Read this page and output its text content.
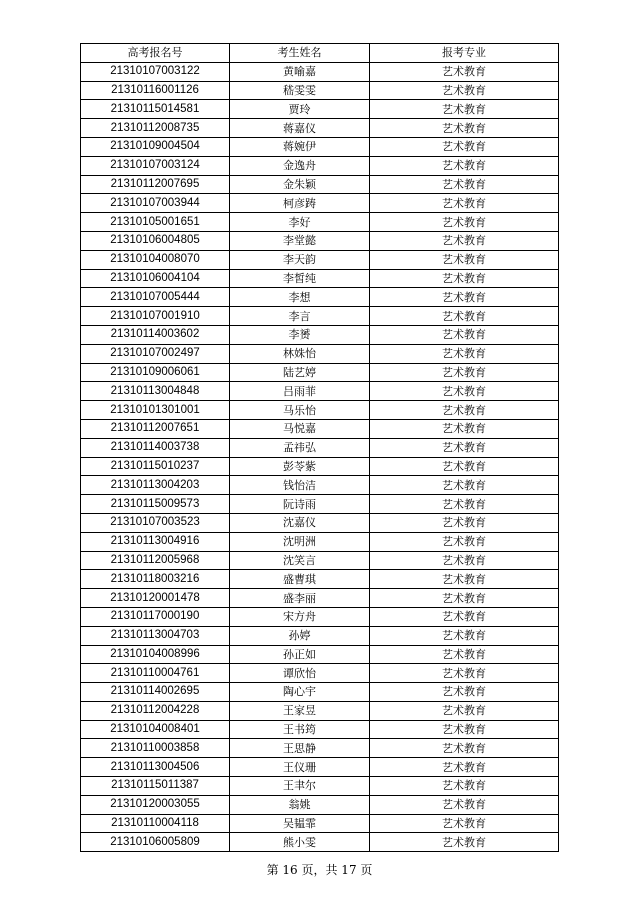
高考报名号	考生姓名	报考专业
21310107003122	黄喻嘉	艺术教育
21310116001126	嵇雯雯	艺术教育
21310115014581	贾玲	艺术教育
21310112008735	蒋嘉仪	艺术教育
21310109004504	蒋婉伊	艺术教育
21310107003124	金逸舟	艺术教育
21310112007695	金朱颖	艺术教育
21310107003944	柯彦踌	艺术教育
21310105001651	李好	艺术教育
21310106004805	李堂懿	艺术教育
21310104008070	李天韵	艺术教育
21310106004104	李皙纯	艺术教育
21310107005444	李想	艺术教育
21310107001910	李言	艺术教育
21310114003602	李赟	艺术教育
21310107002497	林姝怡	艺术教育
21310109006061	陆艺婷	艺术教育
21310113004848	吕雨菲	艺术教育
21310101301001	马乐怡	艺术教育
21310112007651	马悦嘉	艺术教育
21310114003738	孟祎弘	艺术教育
21310115010237	彭苓紫	艺术教育
21310113004203	钱怡洁	艺术教育
21310115009573	阮诗雨	艺术教育
21310107003523	沈嘉仪	艺术教育
21310113004916	沈明洲	艺术教育
21310112005968	沈笑言	艺术教育
21310118003216	盛曹琪	艺术教育
21310120001478	盛李丽	艺术教育
21310117000190	宋方舟	艺术教育
21310113004703	孙婷	艺术教育
21310104008996	孙正如	艺术教育
21310110004761	谭欣怡	艺术教育
21310114002695	陶心宇	艺术教育
21310112004228	王家昱	艺术教育
21310104008401	王书筠	艺术教育
21310110003858	王思静	艺术教育
21310113004506	王仪珊	艺术教育
21310115011387	王聿尔	艺术教育
21310120003055	翁姚	艺术教育
21310110004118	吴韫霏	艺术教育
21310106005809	熊小雯	艺术教育
第 16 页，共 17 页
